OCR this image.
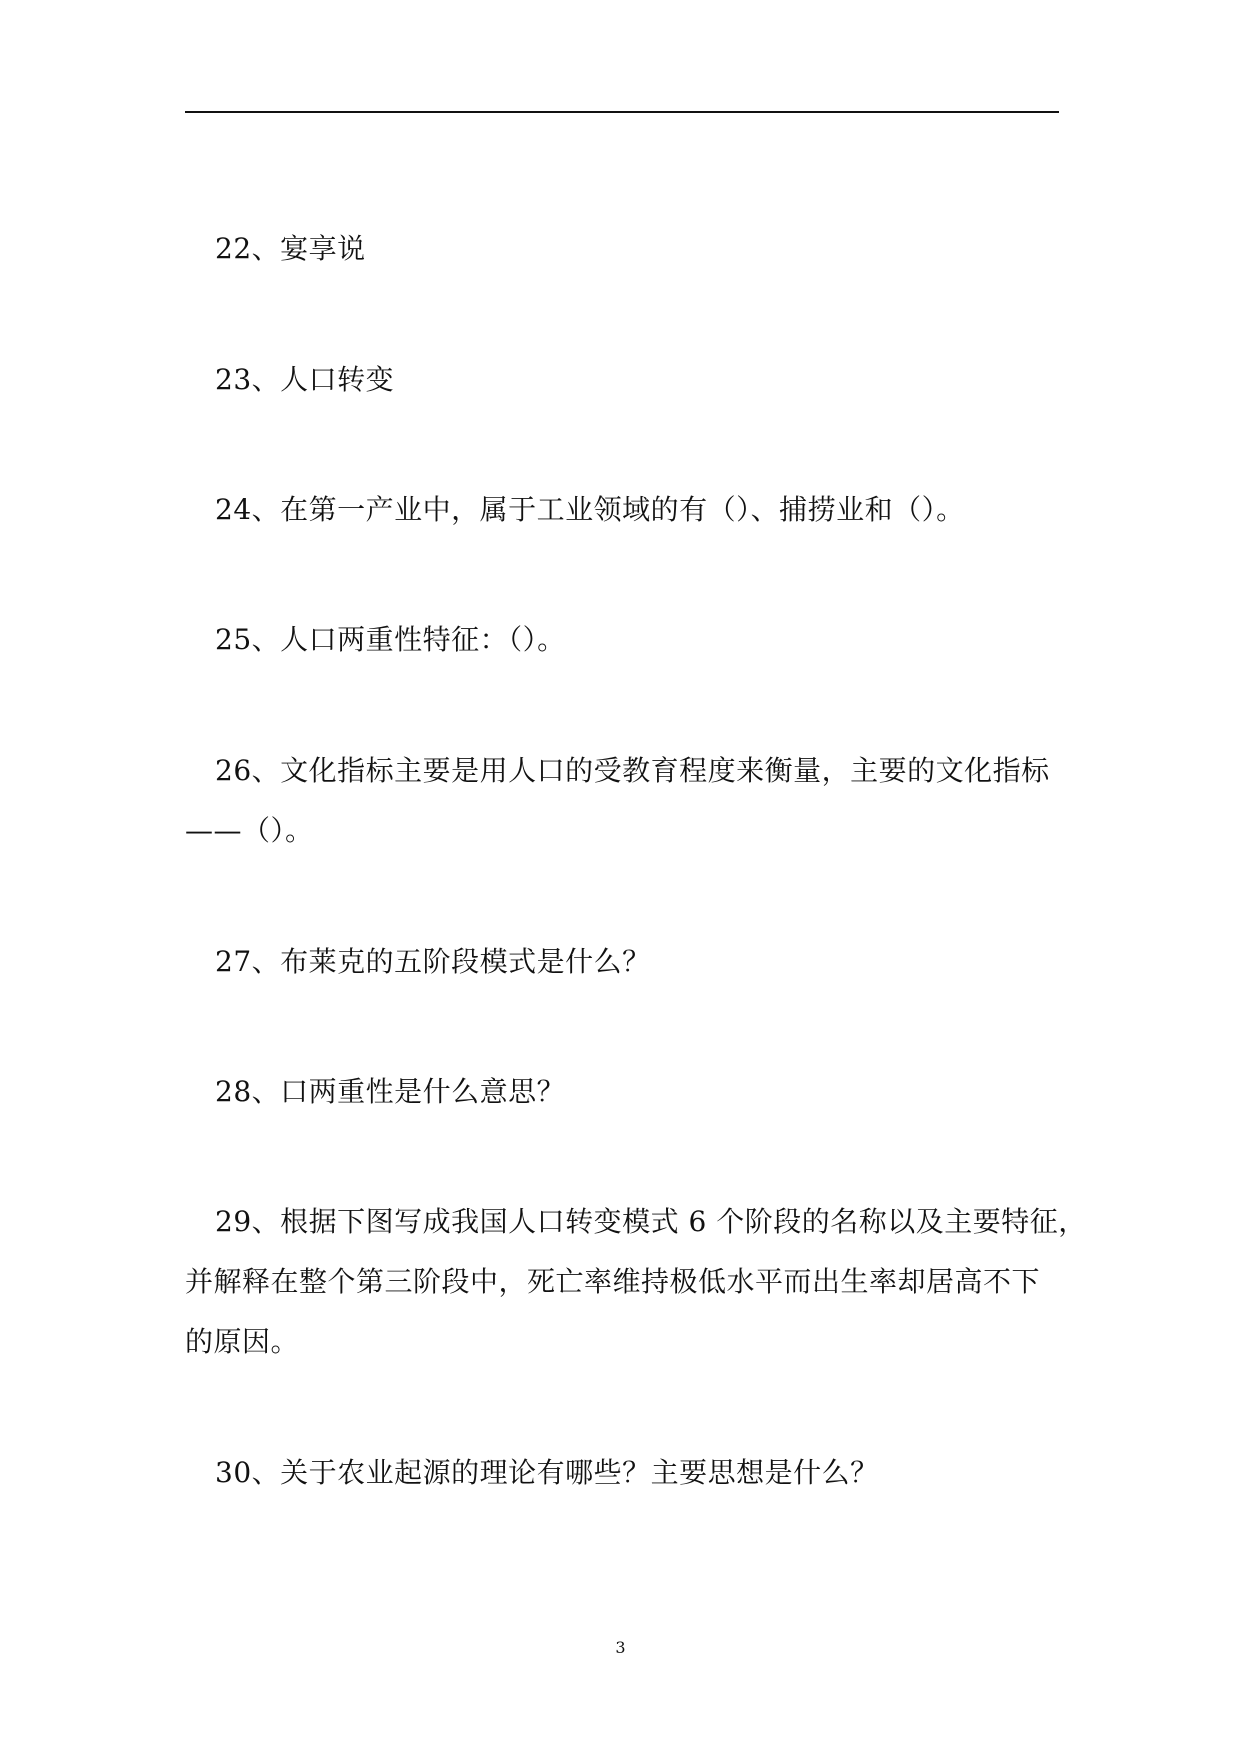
22、宴享说
23、人口转变
24、在第一产业中，属于工业领域的有（）、捕捞业和（）。
25、人口两重性特征：（）。
26、文化指标主要是用人口的受教育程度来衡量，主要的文化指标
——（）。
27、布莱克的五阶段模式是什么？
28、口两重性是什么意思？
29、根据下图写成我国人口转变模式 6 个阶段的名称以及主要特征，
并解释在整个第三阶段中，死亡率维持极低水平而出生率却居高不下
的原因。
30、关于农业起源的理论有哪些？主要思想是什么？
3
